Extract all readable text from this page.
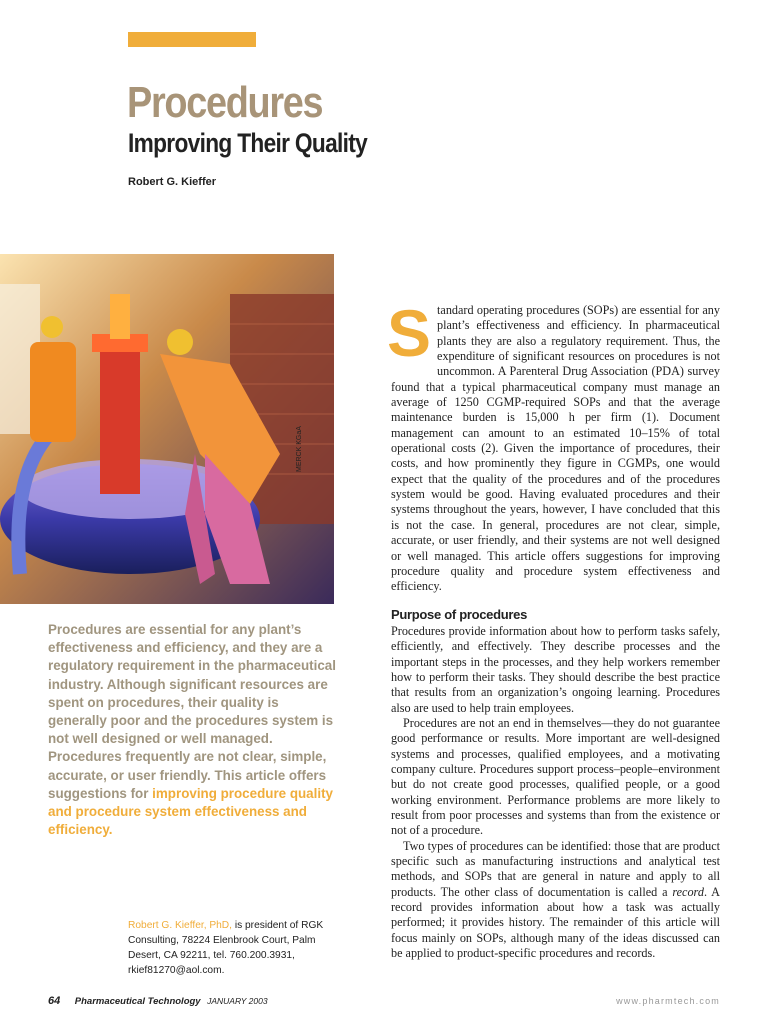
Procedures
Improving Their Quality
Robert G. Kieffer
MERCK KGaA
Procedures are essential for any plant’s effectiveness and efficiency, and they are a regulatory requirement in the pharmaceutical industry. Although significant resources are spent on procedures, their quality is generally poor and the procedures system is not well designed or well managed. Procedures frequently are not clear, simple, accurate, or user friendly. This article offers suggestions for improving procedure quality and procedure system effectiveness and efficiency.
Robert G. Kieffer, PhD, is president of RGK Consulting, 78224 Elenbrook Court, Palm Desert, CA 92211, tel. 760.200.3931, rkief81270@aol.com.

Standard operating procedures (SOPs) are essential for any plant’s effectiveness and efficiency. In pharmaceutical plants they are also a regulatory requirement. Thus, the expenditure of significant resources on procedures is not uncommon. A Parenteral Drug Association (PDA) survey found that a typical pharmaceutical company must manage an average of 1250 CGMP-required SOPs and that the average maintenance burden is 15,000 h per firm (1). Document management can amount to an estimated 10–15% of total operational costs (2). Given the importance of procedures, their costs, and how prominently they figure in CGMPs, one would expect that the quality of the procedures and of the procedures system would be good. Having evaluated procedures and their systems throughout the years, however, I have concluded that this is not the case. In general, procedures are not clear, simple, accurate, or user friendly, and their systems are not well designed or well managed. This article offers suggestions for improving procedure quality and procedure system effectiveness and efficiency.

Purpose of procedures

Procedures provide information about how to perform tasks safely, efficiently, and effectively. They describe processes and the important steps in the processes, and they help workers remember how to perform their tasks. They should describe the best practice that results from an organization’s ongoing learning. Procedures also are used to help train employees.

Procedures are not an end in themselves—they do not guarantee good performance or results. More important are well-designed systems and processes, qualified employees, and a motivating company culture. Procedures support process–people–environment but do not create good processes, qualified people, or a good working environment. Performance problems are more likely to result from poor processes and systems than from the existence or not of a procedure.

Two types of procedures can be identified: those that are product specific such as manufacturing instructions and analytical test methods, and SOPs that are general in nature and apply to all products. The other class of documentation is called a record. A record provides information about how a task was actually performed; it provides history. The remainder of this article will focus mainly on SOPs, although many of the ideas discussed can be applied to product-specific procedures and records.

64 Pharmaceutical Technology JANUARY 2003	www.pharmtech.com
